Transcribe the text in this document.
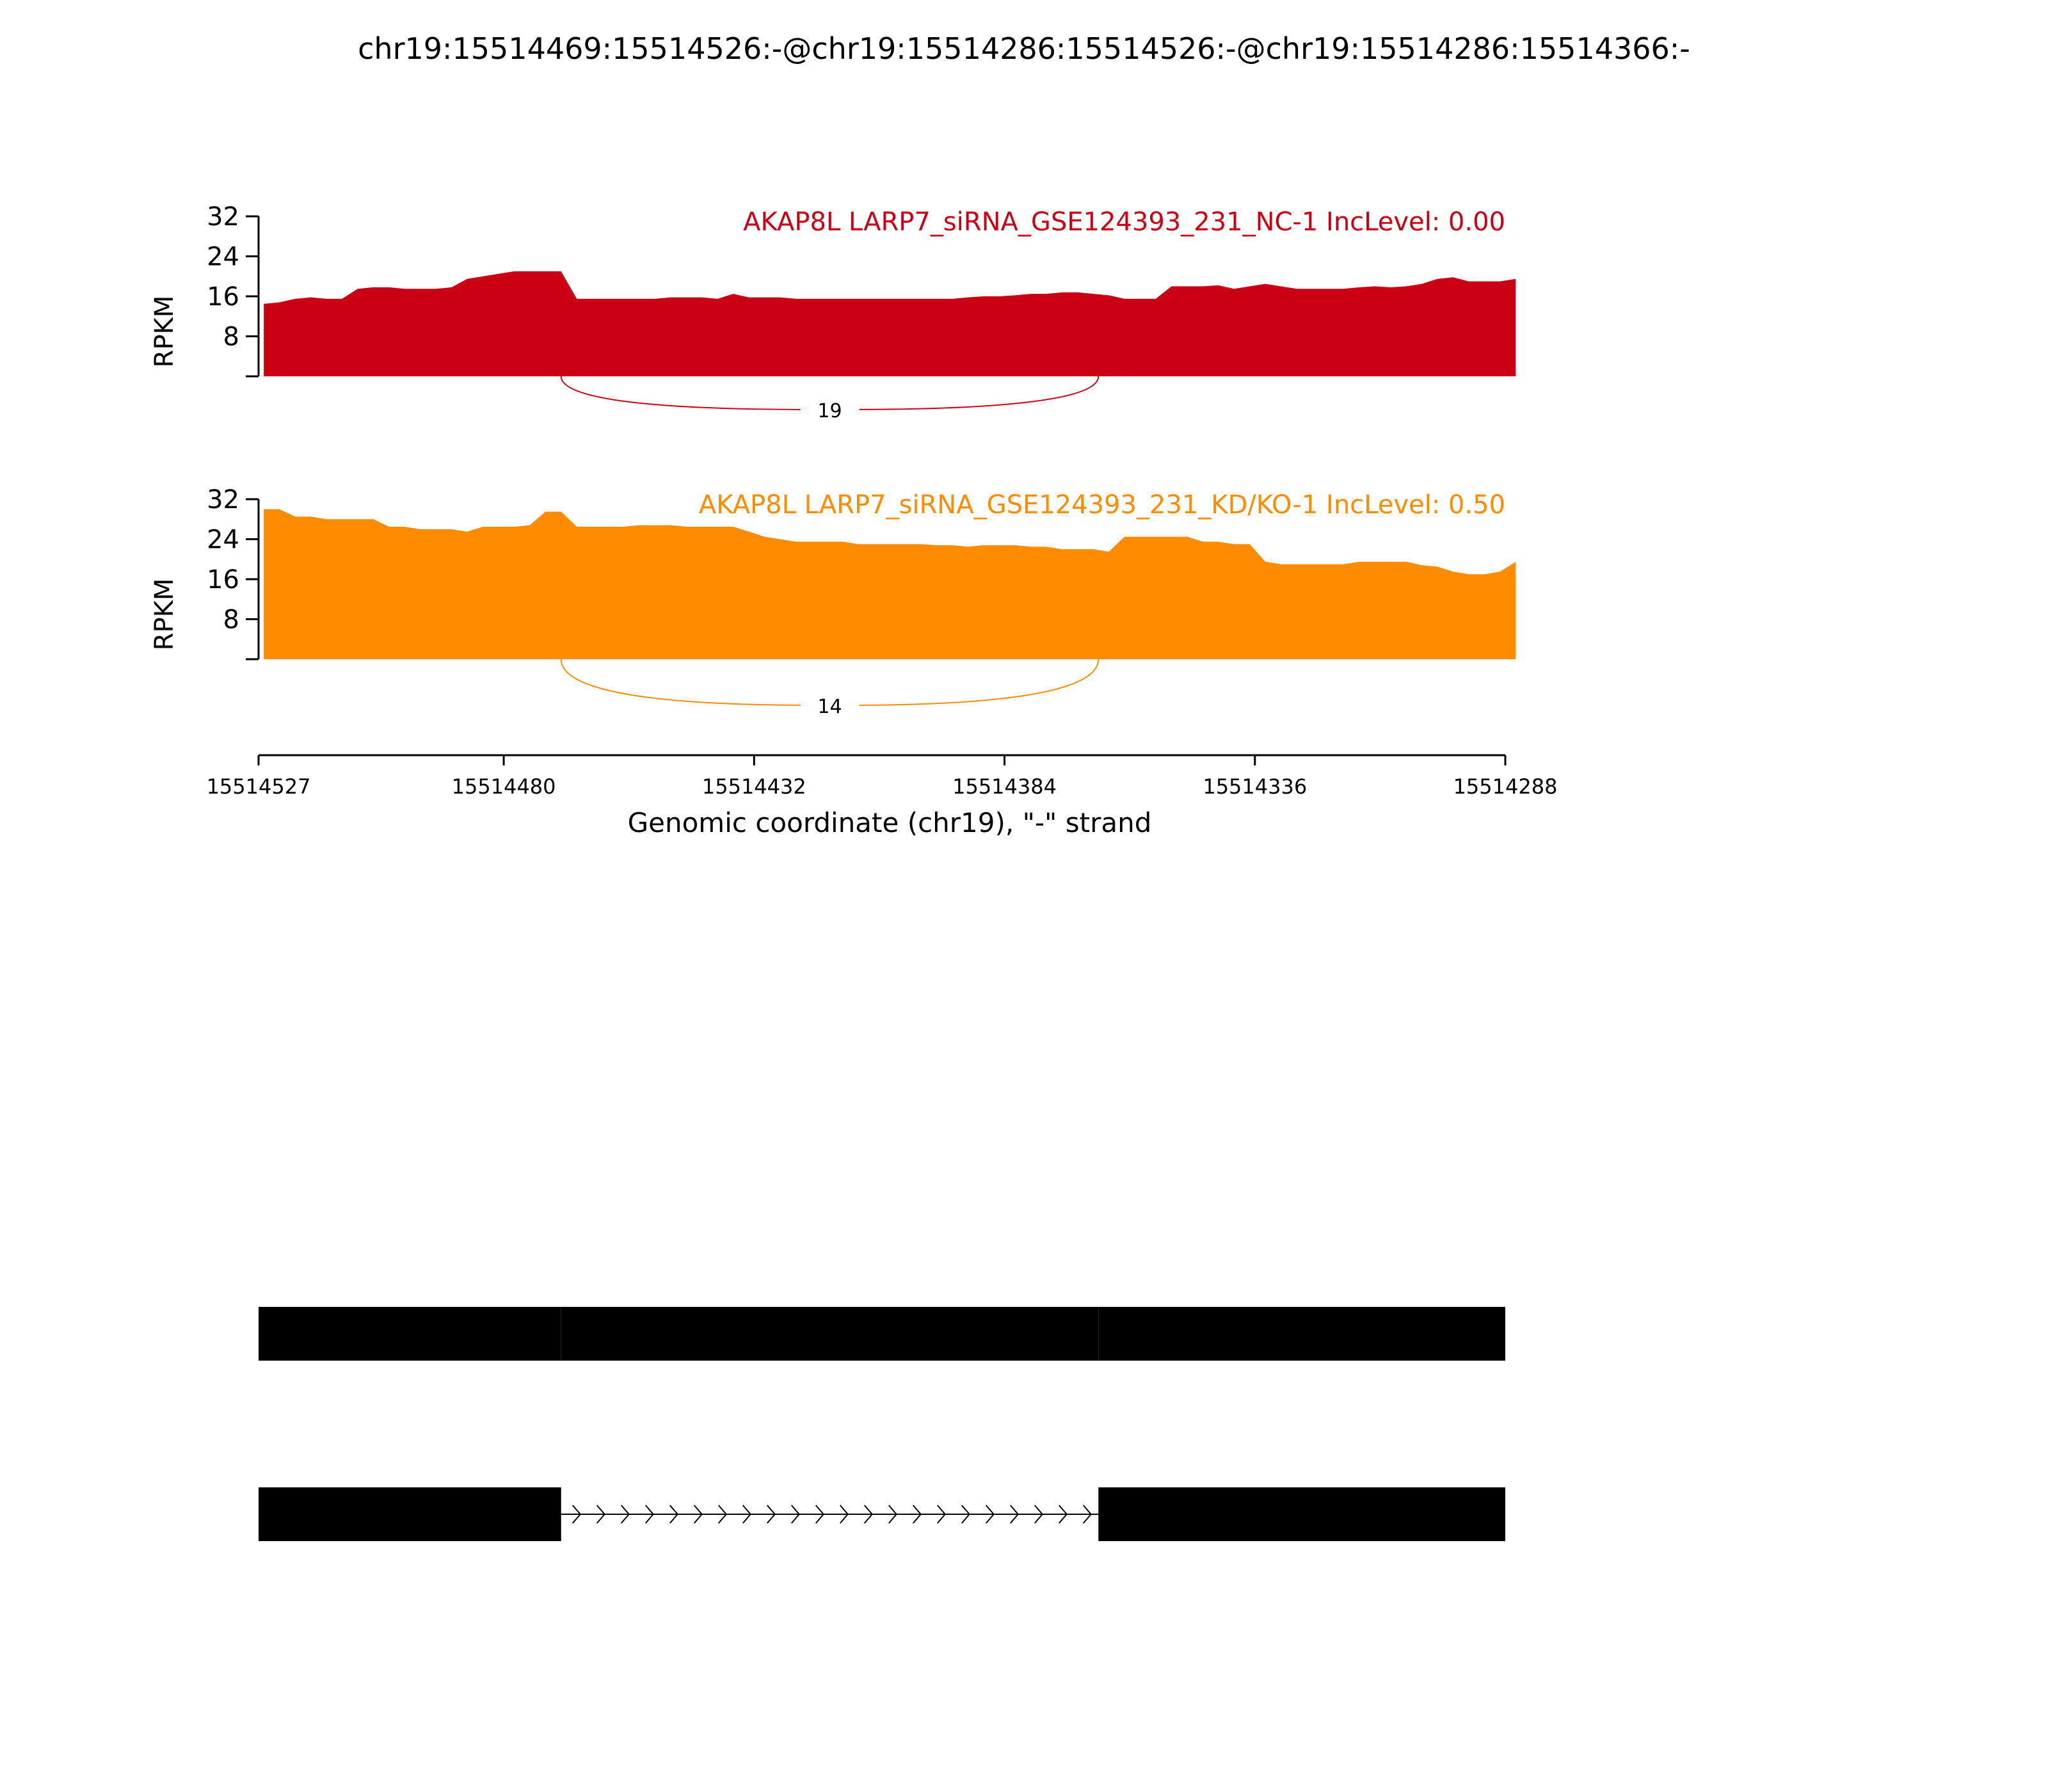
chr19:15514469:15514526:-@chr19:15514286:15514526:-@chr19:15514286:15514366:-
8
16
24
32
RPKM
AKAP8L LARP7_siRNA_GSE124393_231_NC-1 IncLevel: 0.00
19
8
16
24
32
RPKM
AKAP8L LARP7_siRNA_GSE124393_231_KD/KO-1 IncLevel: 0.50
14
15514527	15514480	15514432	15514384	15514336	15514288
Genomic coordinate (chr19), "-" strand
